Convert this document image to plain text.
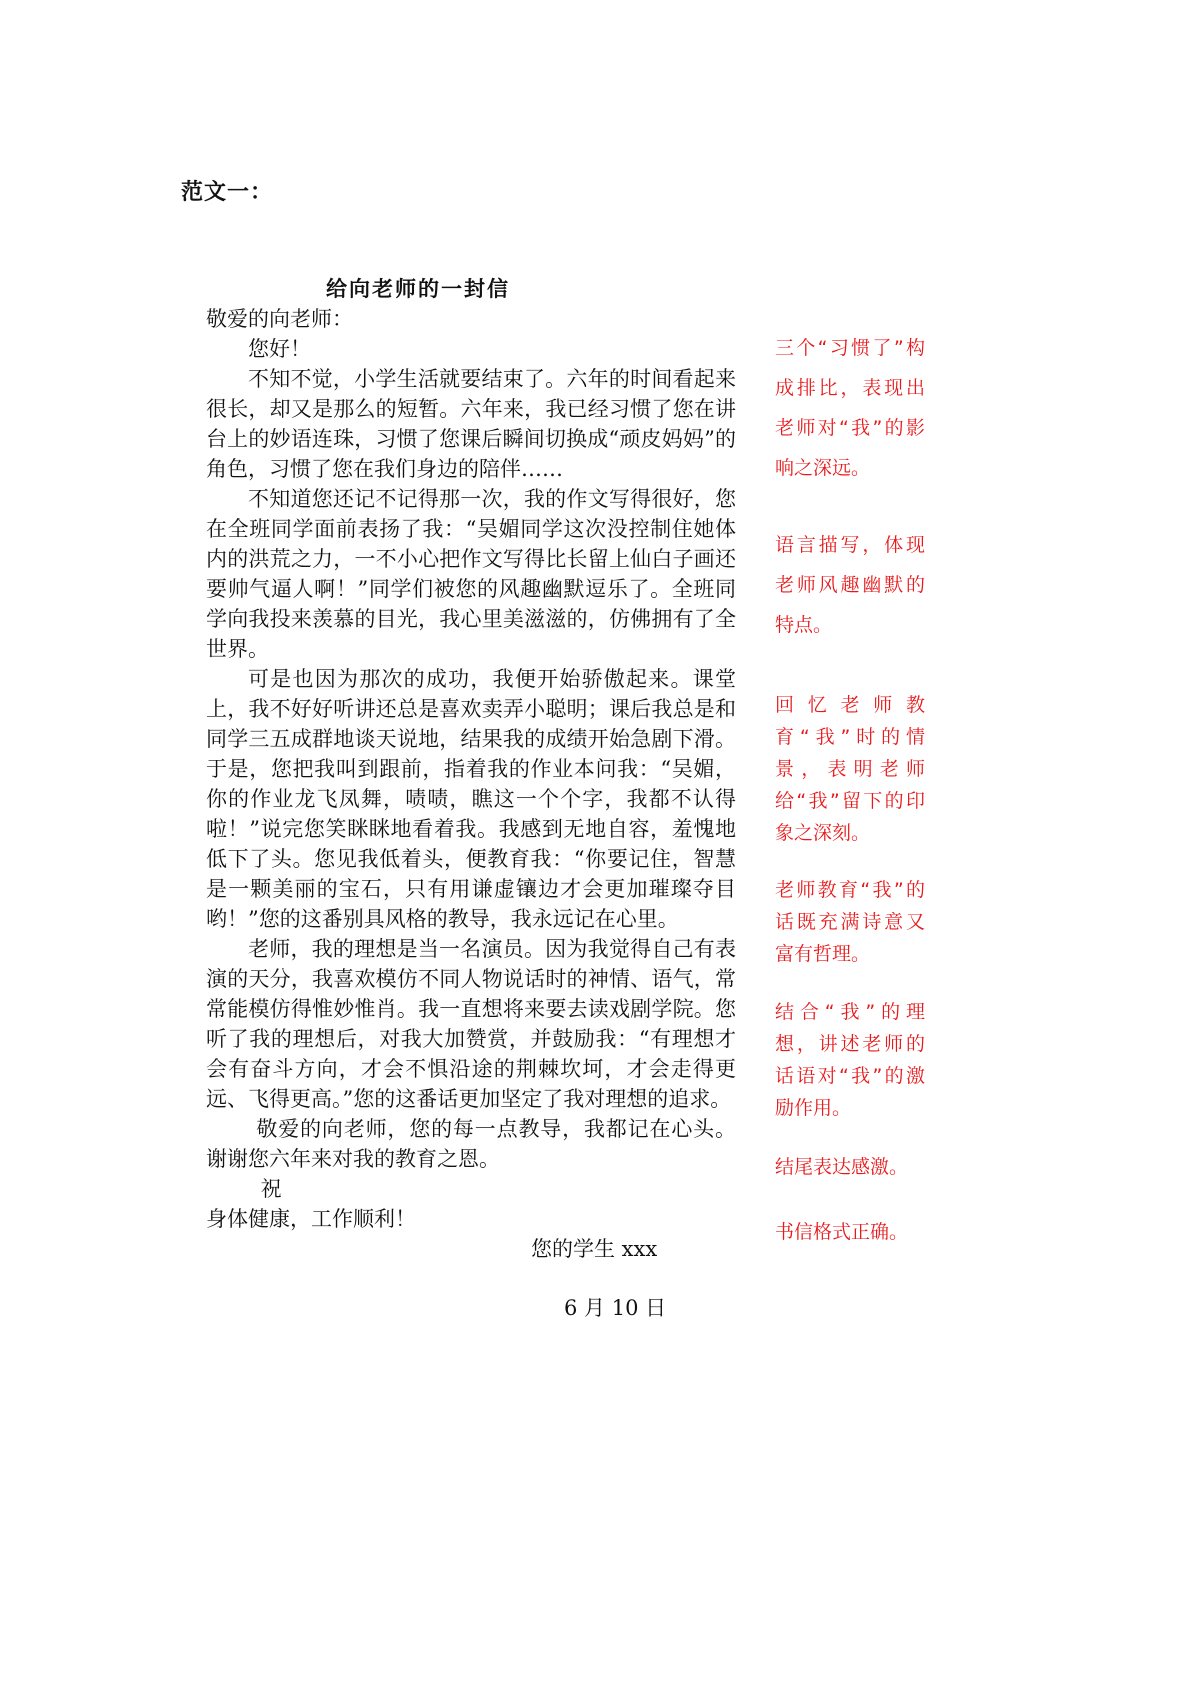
范文一：

给向老师的一封信

敬爱的向老师：

您好！

不知不觉，小学生活就要结束了。六年的时间看起来很长，却又是那么的短暂。六年来，我已经习惯了您在讲台上的妙语连珠，习惯了您课后瞬间切换成“顽皮妈妈”的角色，习惯了您在我们身边的陪伴……

不知道您还记不记得那一次，我的作文写得很好，您在全班同学面前表扬了我：“吴媚同学这次没控制住她体内的洪荒之力，一不小心把作文写得比长留上仙白子画还要帅气逼人啊！”同学们被您的风趣幽默逗乐了。全班同学向我投来羡慕的目光，我心里美滋滋的，仿佛拥有了全世界。

可是也因为那次的成功，我便开始骄傲起来。课堂上，我不好好听讲还总是喜欢卖弄小聪明；课后我总是和同学三五成群地谈天说地，结果我的成绩开始急剧下滑。于是，您把我叫到跟前，指着我的作业本问我：“吴媚，你的作业龙飞凤舞，啧啧，瞧这一个个字，我都不认得啦！”说完您笑眯眯地看着我。我感到无地自容，羞愧地低下了头。您见我低着头，便教育我：“你要记住，智慧是一颗美丽的宝石，只有用谦虚镶边才会更加璀璨夺目哟！”您的这番别具风格的教导，我永远记在心里。

老师，我的理想是当一名演员。因为我觉得自己有表演的天分，我喜欢模仿不同人物说话时的神情、语气，常常能模仿得惟妙惟肖。我一直想将来要去读戏剧学院。您听了我的理想后，对我大加赞赏，并鼓励我：“有理想才会有奋斗方向，才会不惧沿途的荆棘坎坷，才会走得更远、飞得更高。”您的这番话更加坚定了我对理想的追求。

敬爱的向老师，您的每一点教导，我都记在心头。谢谢您六年来对我的教育之恩。

祝

身体健康，工作顺利！

您的学生 xxx

6 月 10 日

三个“习惯了”构成排比，表现出老师对“我”的影响之深远。
语言描写，体现老师风趣幽默的特点。
回忆老师教育“我”时的情景，表明老师给“我”留下的印象之深刻。
老师教育“我”的话既充满诗意又富有哲理。
结合“我”的理想，讲述老师的话语对“我”的激励作用。
结尾表达感激。
书信格式正确。
